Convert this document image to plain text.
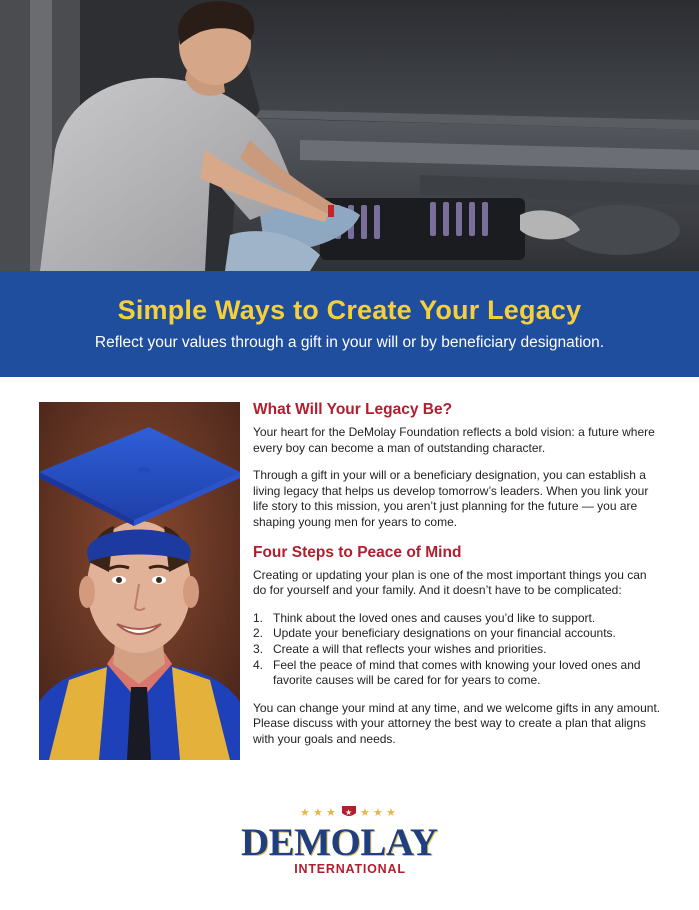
Simple Ways to Create Your Legacy

Reflect your values through a gift in your will or by beneficiary designation.

What Will Your Legacy Be?

Your heart for the DeMolay Foundation reflects a bold vision: a future where every boy can become a man of outstanding character.

Through a gift in your will or a beneficiary designation, you can establish a living legacy that helps us develop tomorrow’s leaders. When you link your life story to this mission, you aren’t just planning for the future — you are shaping young men for years to come.

Four Steps to Peace of Mind

Creating or updating your plan is one of the most important things you can do for yourself and your family. And it doesn’t have to be complicated:

1. Think about the loved ones and causes you’d like to support.
2. Update your beneficiary designations on your financial accounts.
3. Create a will that reflects your wishes and priorities.
4. Feel the peace of mind that comes with knowing your loved ones and favorite causes will be cared for for years to come.

You can change your mind at any time, and we welcome gifts in any amount. Please discuss with your attorney the best way to create a plan that aligns with your goals and needs.

★ ★ ★ ★ ★ ★
★
DEMOLAY
INTERNATIONAL
